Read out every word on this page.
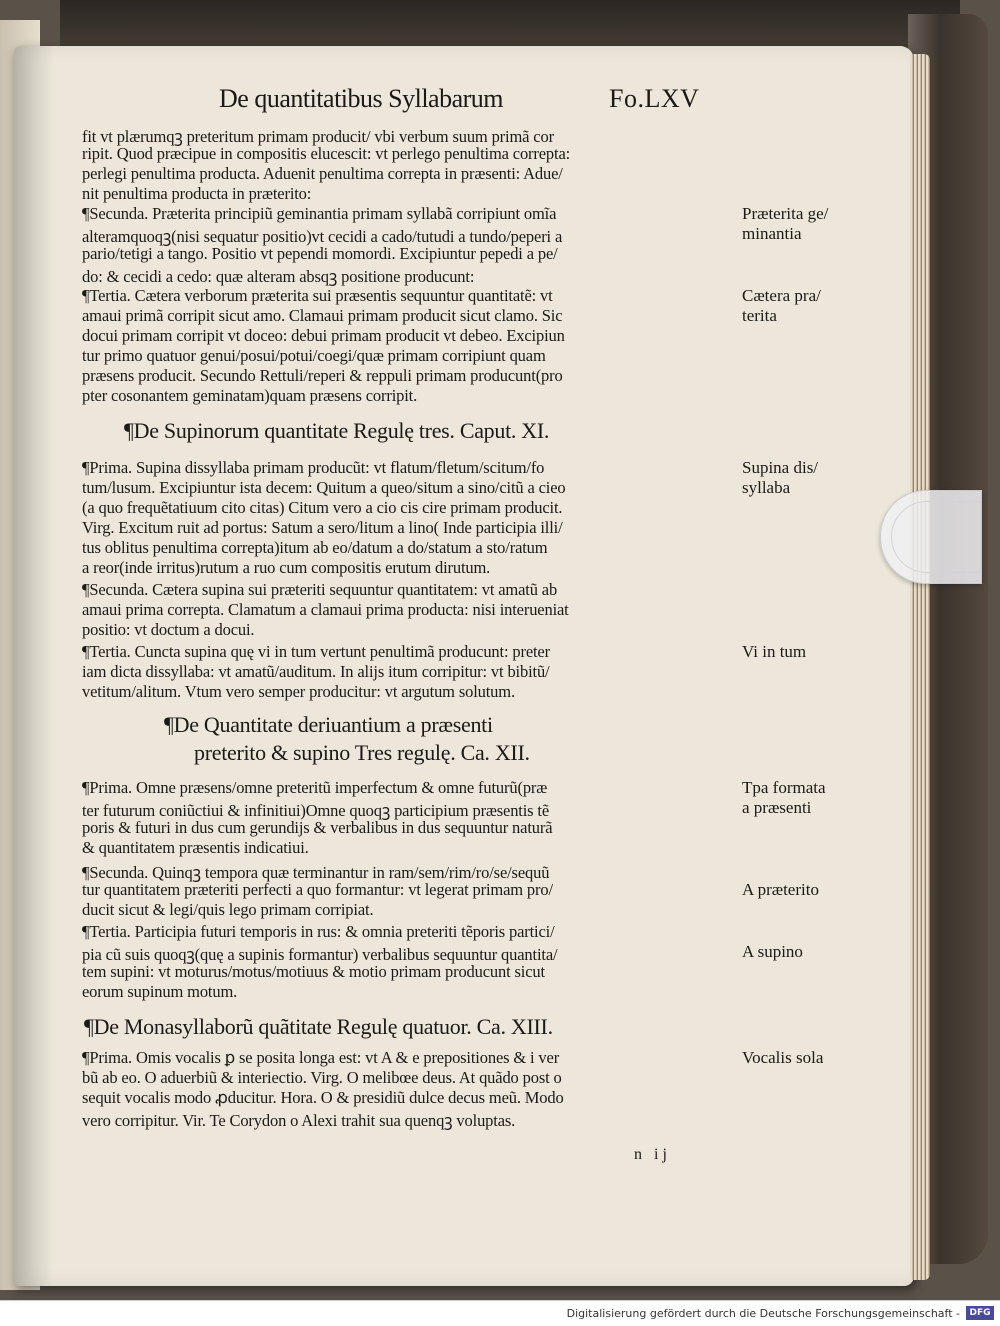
De quantitatibus Syllabarum	Fo.LXV
fit vt plærumqꝫ preteritum primam producit/ vbi verbum suum primã cor
ripit. Quod præcipue in compositis elucescit: vt perlego penultima correpta:
perlegi penultima producta. Aduenit penultima correpta in præsenti: Adue/
nit penultima producta in præterito:
¶Secunda. Præterita principiũ geminantia primam syllabã corripiunt omĩa
alteramquoqꝫ(nisi sequatur positio)vt cecidi a cado/tutudi a tundo/peperi a
pario/tetigi a tango. Positio vt pependi momordi. Excipiuntur pepedi a pe/
do: & cecidi a cedo: quæ alteram absqꝫ positione producunt:
¶Tertia. Cætera verborum præterita sui præsentis sequuntur quantitatẽ: vt
amaui primã corripit sicut amo. Clamaui primam producit sicut clamo. Sic
docui primam corripit vt doceo: debui primam producit vt debeo. Excipiun
tur primo quatuor genui/posui/potui/coegi/quæ primam corripiunt quam
præsens producit. Secundo Rettuli/reperi & reppuli primam producunt(pro
pter cosonantem geminatam)quam præsens corripit.
¶De Supinorum quantitate Regulę tres. Caput. XI.
¶Prima. Supina dissyllaba primam producũt: vt flatum/fletum/scitum/fo
tum/lusum. Excipiuntur ista decem: Quitum a queo/situm a sino/citũ a cieo
(a quo frequẽtatiuum cito citas) Citum vero a cio cis cire primam producit.
Virg. Excitum ruit ad portus: Satum a sero/litum a lino( Inde participia illi/
tus oblitus penultima correpta)itum ab eo/datum a do/statum a sto/ratum
a reor(inde irritus)rutum a ruo cum compositis erutum dirutum.
¶Secunda. Cætera supina sui præteriti sequuntur quantitatem: vt amatũ ab
amaui prima correpta. Clamatum a clamaui prima producta: nisi interueniat
positio: vt doctum a docui.
¶Tertia. Cuncta supina quę vi in tum vertunt penultimã producunt: preter
iam dicta dissyllaba: vt amatũ/auditum. In alijs itum corripitur: vt bibitũ/
vetitum/alitum. Vtum vero semper producitur: vt argutum solutum.
¶De Quantitate deriuantium a præsenti
preterito & supino Tres regulę. Ca. XII.
¶Prima. Omne præsens/omne preteritũ imperfectum & omne futurũ(præ
ter futurum coniũctiui & infinitiui)Omne quoqꝫ participium præsentis tẽ
poris & futuri in dus cum gerundijs & verbalibus in dus sequuntur naturã
& quantitatem præsentis indicatiui.
¶Secunda. Quinqꝫ tempora quæ terminantur in ram/sem/rim/ro/se/sequũ
tur quantitatem præteriti perfecti a quo formantur: vt legerat primam pro/
ducit sicut & legi/quis lego primam corripiat.
¶Tertia. Participia futuri temporis in rus: & omnia preteriti tẽporis partici/
pia cũ suis quoqꝫ(quę a supinis formantur) verbalibus sequuntur quantita/
tem supini: vt moturus/motus/motiuus & motio primam producunt sicut
eorum supinum motum.
¶De Monasyllaborũ quãtitate Regulę quatuor. Ca. XIII.
¶Prima. Omis vocalis ꝑ se posita longa est: vt A & e prepositiones & i ver
bũ ab eo. O aduerbiũ & interiectio. Virg. O melibœe deus. At quãdo post o
sequit vocalis modo ꝓducitur. Hora. O & presidiũ dulce decus meũ. Modo
vero corripitur. Vir. Te Corydon o Alexi trahit sua quenqꝫ voluptas.
Præterita ge/
minantia
Cætera pra/
terita
Supina dis/
syllaba
Vi in tum
Tpa formata
a præsenti
A præterito
A supino
Vocalis sola
n ij
Digitalisierung gefördert durch die Deutsche Forschungsgemeinschaft -	DFG
